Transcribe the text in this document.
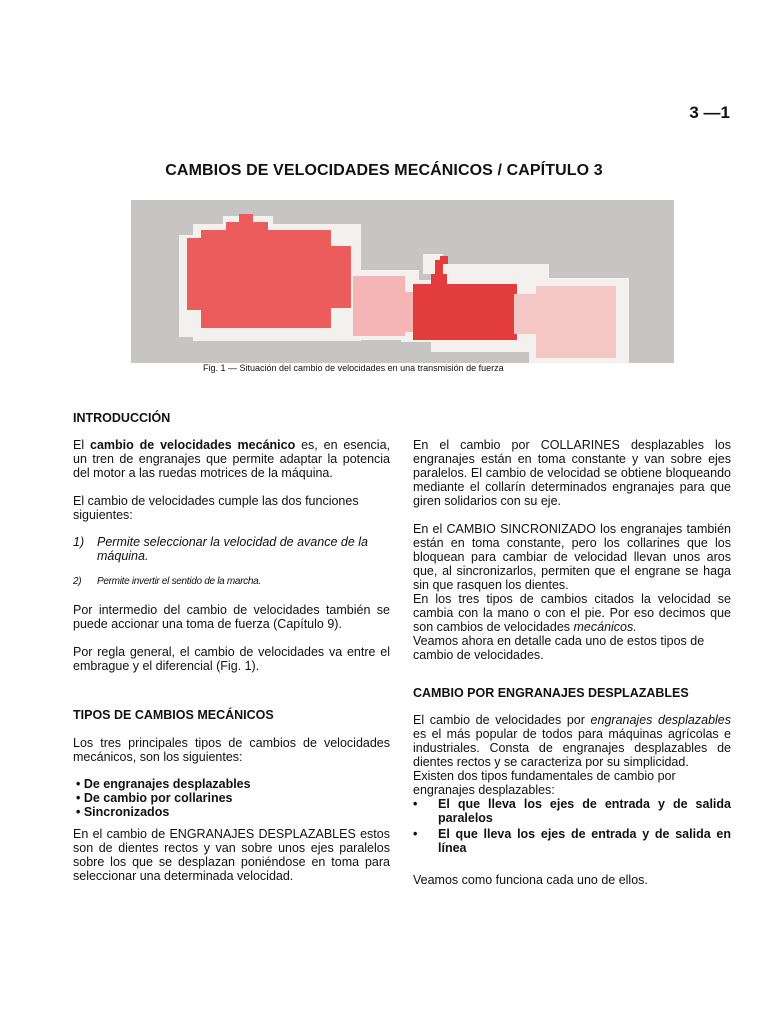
3 —1
CAMBIOS DE VELOCIDADES MECÁNICOS / CAPÍTULO 3
Fig. 1 — Situación del cambio de velocidades en una transmisión de fuerza

INTRODUCCIÓN

El cambio de velocidades mecánico es, en esencia, un tren de engranajes que permite adaptar la potencia del motor a las ruedas motrices de la máquina.

El cambio de velocidades cumple las dos funciones siguientes:

1)	Permite seleccionar la velocidad de avance de la máquina.
2)	Permite invertir el sentido de la marcha.

Por intermedio del cambio de velocidades también se puede accionar una toma de fuerza (Capítulo 9).

Por regla general, el cambio de velocidades va entre el embrague y el diferencial (Fig. 1).

TIPOS DE CAMBIOS MECÁNICOS

Los tres principales tipos de cambios de velocidades mecánicos, son los siguientes:

• De engranajes desplazables
• De cambio por collarines
• Sincronizados

En el cambio de ENGRANAJES DESPLAZABLES estos son de dientes rectos y van sobre unos ejes paralelos sobre los que se desplazan poniéndose en toma para seleccionar una determinada velocidad.

En el cambio por COLLARINES desplazables los engranajes están en toma constante y van sobre ejes paralelos. El cambio de velocidad se obtiene bloqueando mediante el collarín determinados engranajes para que giren solidarios con su eje.

En el CAMBIO SINCRONIZADO los engranajes también están en toma constante, pero los collarines que los bloquean para cambiar de velocidad llevan unos aros que, al sincronizarlos, permiten que el engrane se haga sin que rasquen los dientes.

En los tres tipos de cambios citados la velocidad se cambia con la mano o con el pie. Por eso decimos que son cambios de velocidades mecánicos.

Veamos ahora en detalle cada uno de estos tipos de cambio de velocidades.

CAMBIO POR ENGRANAJES DESPLAZABLES

El cambio de velocidades por engranajes desplazables es el más popular de todos para máquinas agrícolas e industriales. Consta de engranajes desplazables de dientes rectos y se caracteriza por su simplicidad.

Existen dos tipos fundamentales de cambio por engranajes desplazables:

•	El que lleva los ejes de entrada y de salida paralelos
•	El que lleva los ejes de entrada y de salida en línea

Veamos como funciona cada uno de ellos.
